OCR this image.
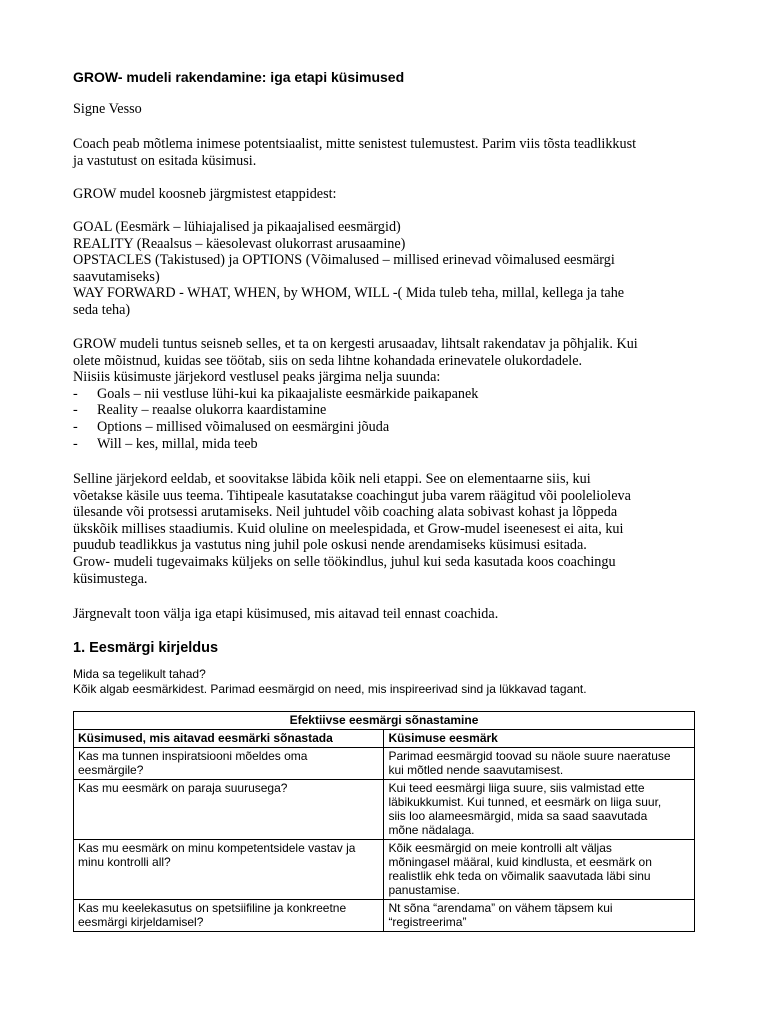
GROW- mudeli rakendamine: iga etapi küsimused
Signe Vesso
Coach peab mõtlema inimese potentsiaalist, mitte senistest tulemustest. Parim viis tõsta teadlikkust
ja vastutust on esitada küsimusi.
GROW mudel koosneb järgmistest etappidest:
GOAL (Eesmärk – lühiajalised ja pikaajalised eesmärgid)
REALITY (Reaalsus – käesolevast olukorrast arusaamine)
OPSTACLES (Takistused) ja OPTIONS (Võimalused – millised erinevad võimalused eesmärgi
saavutamiseks)
WAY FORWARD - WHAT, WHEN, by WHOM, WILL -( Mida tuleb teha, millal, kellega ja tahe
seda teha)
GROW mudeli tuntus seisneb selles, et ta on kergesti arusaadav, lihtsalt rakendatav ja põhjalik. Kui
olete mõistnud, kuidas see töötab, siis on seda lihtne kohandada erinevatele olukordadele.
Niisiis küsimuste järjekord vestlusel peaks järgima nelja suunda:
- Goals – nii vestluse lühi-kui ka pikaajaliste eesmärkide paikapanek
- Reality – reaalse olukorra kaardistamine
- Options – millised võimalused on eesmärgini jõuda
- Will – kes, millal, mida teeb
Selline järjekord eeldab, et soovitakse läbida kõik neli etappi. See on elementaarne siis, kui
võetakse käsile uus teema. Tihtipeale kasutatakse coachingut juba varem räägitud või poolelioleva
ülesande või protsessi arutamiseks. Neil juhtudel võib coaching alata sobivast kohast ja lõppeda
ükskõik millises staadiumis. Kuid oluline on meelespidada, et Grow-mudel iseenesest ei aita, kui
puudub teadlikkus ja vastutus ning juhil pole oskusi nende arendamiseks küsimusi esitada.
Grow- mudeli tugevaimaks küljeks on selle töökindlus, juhul kui seda kasutada koos coachingu
küsimustega.
Järgnevalt toon välja iga etapi küsimused, mis aitavad teil ennast coachida.
1. Eesmärgi kirjeldus
Mida sa tegelikult tahad?
Kõik algab eesmärkidest. Parimad eesmärgid on need, mis inspireerivad sind ja lükkavad tagant.
Efektiivse eesmärgi sõnastamine	
Küsimused, mis aitavad eesmärki sõnastada	Küsimuse eesmärk

Kas ma tunnen inspiratsiooni mõeldes oma
eesmärgile?	Parimad eesmärgid toovad su näole suure naeratuse
kui mõtled nende saavutamisest.

Kas mu eesmärk on paraja suurusega?	Kui teed eesmärgi liiga suure, siis valmistad ette
läbikukkumist. Kui tunned, et eesmärk on liiga suur,
siis loo alameesmärgid, mida sa saad saavutada
mõne nädalaga.

Kas mu eesmärk on minu kompetentsidele vastav ja
minu kontrolli all?	Kõik eesmärgid on meie kontrolli alt väljas
mõningasel määral, kuid kindlusta, et eesmärk on
realistlik ehk teda on võimalik saavutada läbi sinu
panustamise.

Kas mu keelekasutus on spetsiifiline ja konkreetne
eesmärgi kirjeldamisel?	Nt sõna “arendama” on vähem täpsem kui
“registreerima”
